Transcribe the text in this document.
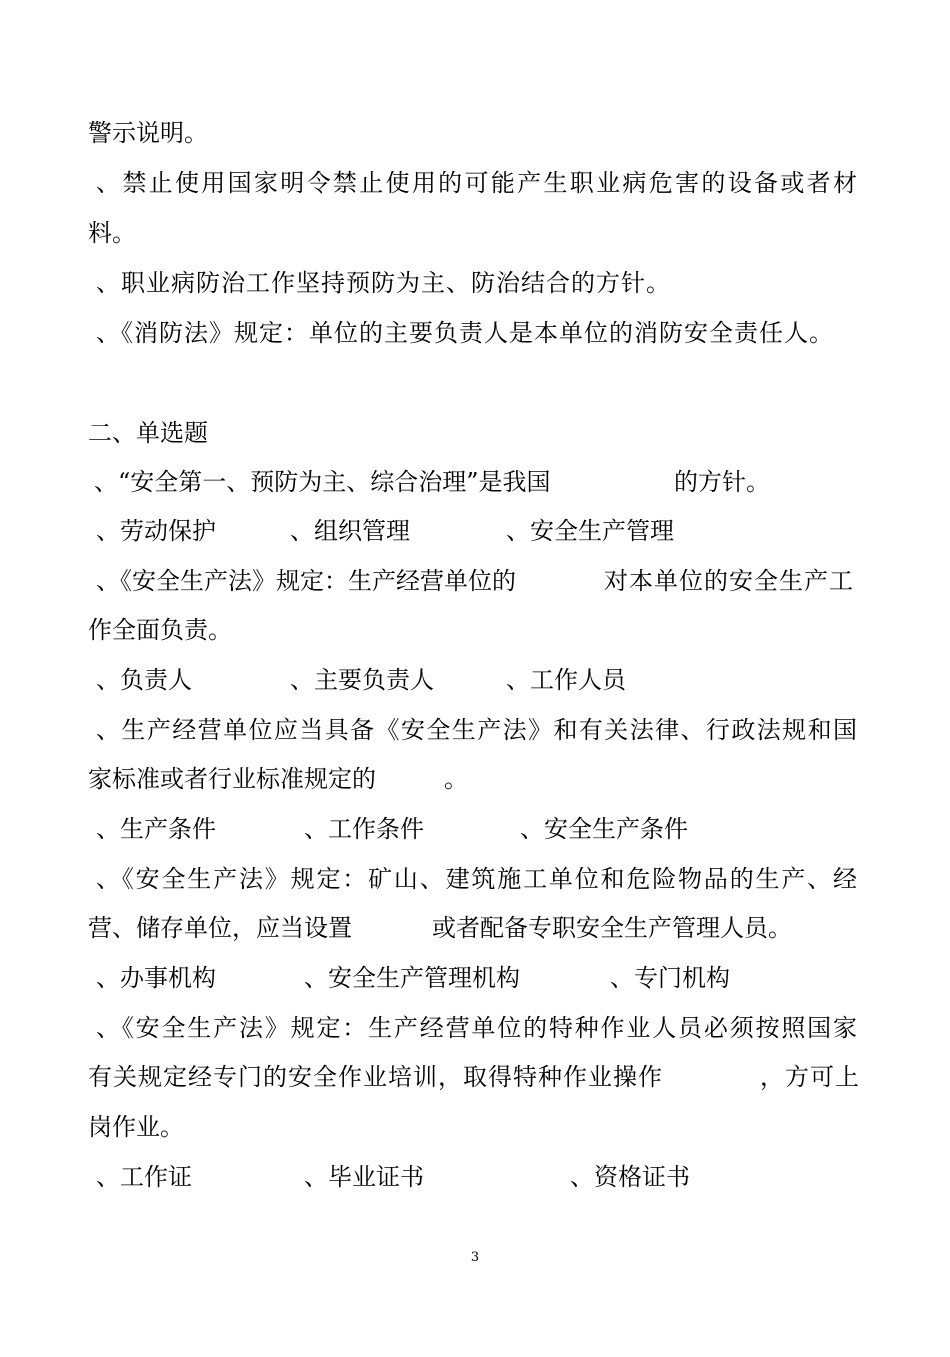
警示说明。

、禁止使用国家明令禁止使用的可能产生职业病危害的设备或者材

料。

、职业病防治工作坚持预防为主、防治结合的方针。

、《消防法》规定：单位的主要负责人是本单位的消防安全责任人。

二、单选题

、“安全第一、预防为主、综合治理”是我国

	的方针。

、劳动保护

	、组织管理

	、安全生产管理

、《安全生产法》规定：生产经营单位的

	对本单位的安全生产工

作全面负责。

、负责人

	、主要负责人

	、工作人员

、生产经营单位应当具备《安全生产法》和有关法律、行政法规和国

家标准或者行业标准规定的

	。

、生产条件

	、工作条件

	、安全生产条件

、《安全生产法》规定：矿山、建筑施工单位和危险物品的生产、经

营、储存单位，应当设置

	或者配备专职安全生产管理人员。

、办事机构

	、安全生产管理机构

	、专门机构

、《安全生产法》规定：生产经营单位的特种作业人员必须按照国家

有关规定经专门的安全作业培训，取得特种作业操作

	，方可上

岗作业。

、工作证

	、毕业证书

	、资格证书

3
